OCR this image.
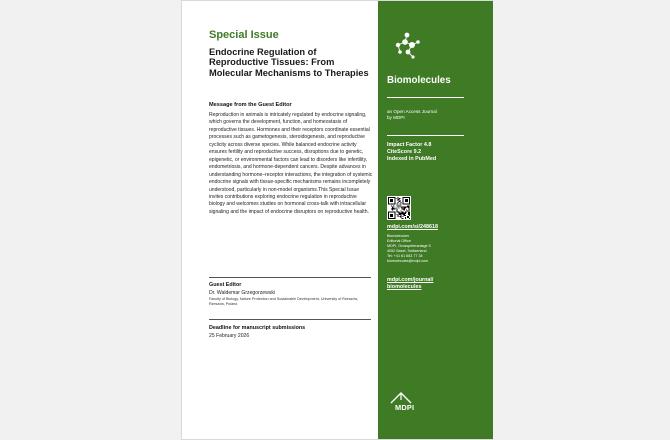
Special Issue
Endocrine Regulation of Reproductive Tissues: From Molecular Mechanisms to Therapies
Message from the Guest Editor
Reproduction in animals is intricately regulated by endocrine signaling, which governs the development, function, and homeostasis of reproductive tissues. Hormones and their receptors coordinate essential processes such as gametogenesis, steroidogenesis, and reproductive cyclicity across diverse species. While balanced endocrine activity ensures fertility and reproductive success, disruptions due to genetic, epigenetic, or environmental factors can lead to disorders like infertility, endometriosis, and hormone-dependent cancers. Despite advances in understanding hormone–receptor interactions, the integration of systemic endocrine signals with tissue-specific mechanisms remains incompletely understood, particularly in non-model organisms.This Special Issue invites contributions exploring endocrine regulation in reproductive biology and welcomes studies on hormonal cross-talk with intracellular signaling and the impact of endocrine disruptors on reproductive health.
Guest Editor
Dr. Waldemar Grzegorzewski
Faculty of Biology, Nature Protection and Sustainable Development, University of Rzeszów, Rzeszów, Poland
Deadline for manuscript submissions
25 February 2026
Biomolecules
an Open Access Journal
by MDPI
Impact Factor 4.8
CiteScore 9.2
Indexed in PubMed
mdpi.com/si/248618
Biomolecules
Editorial Office
MDPI, Grosspeteranlage 5
4052 Basel, Switzerland
Tel: +41 61 683 77 34
biomolecules@mdpi.com
mdpi.com/journal/
biomolecules
MDPI
